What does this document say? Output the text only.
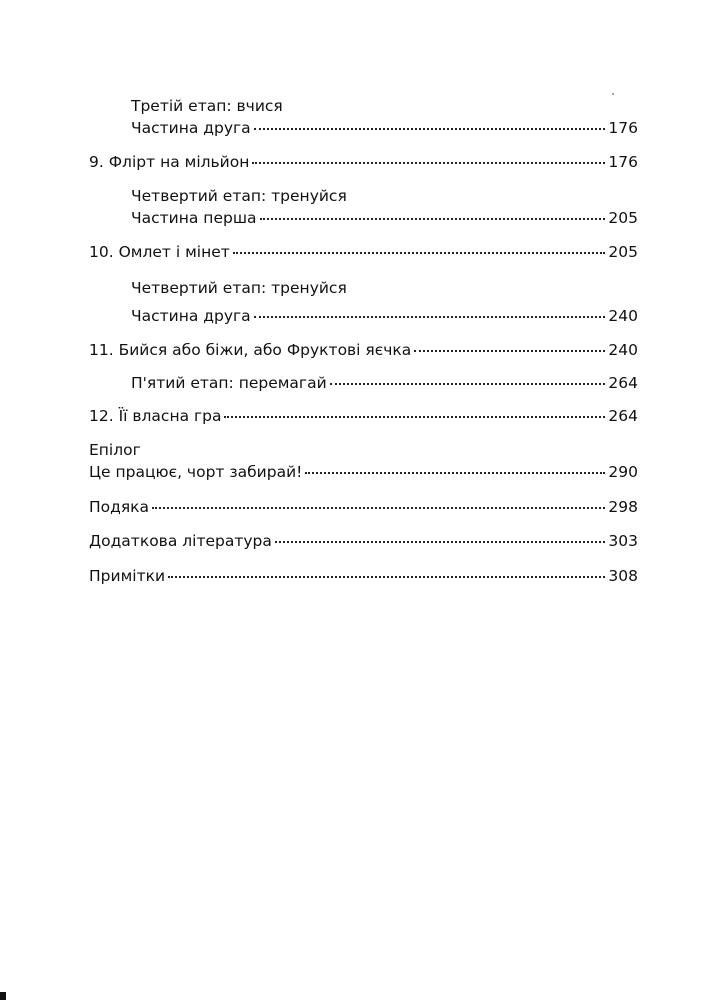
Третій етап: вчися
Частина друга	176
9. Флірт на мільйон	176
Четвертий етап: тренуйся
Частина перша	205
10. Омлет і мінет	205
Четвертий етап: тренуйся
Частина друга	240
11. Бийся або біжи, або Фруктові яєчка	240
П'ятий етап: перемагай	264
12. Її власна гра	264
Епілог
Це працює, чорт забирай!	290
Подяка	298
Додаткова література	303
Примітки	308
